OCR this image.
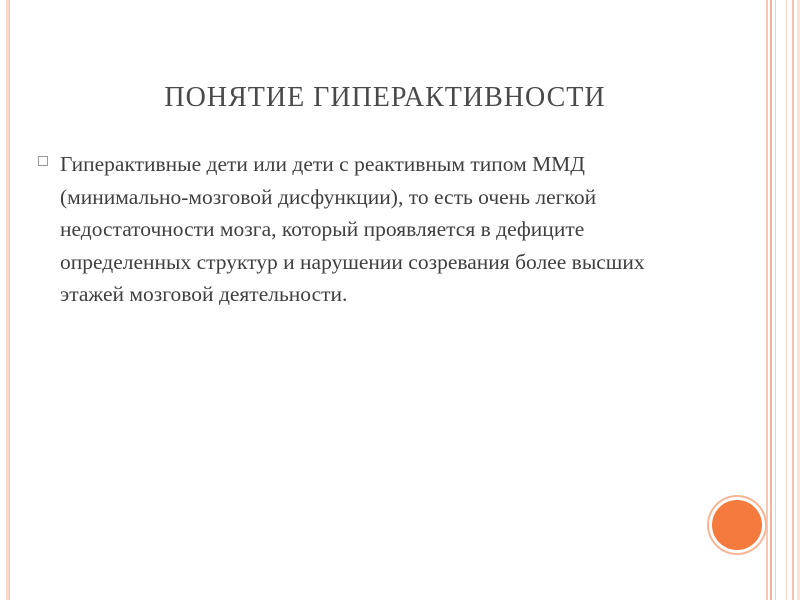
ПОНЯТИЕ ГИПЕРАКТИВНОСТИ
Гиперактивные дети или дети с реактивным типом ММД (минимально-мозговой дисфункции), то есть очень легкой недостаточности мозга, который проявляется в дефиците определенных структур и нарушении созревания более высших этажей мозговой деятельности.
